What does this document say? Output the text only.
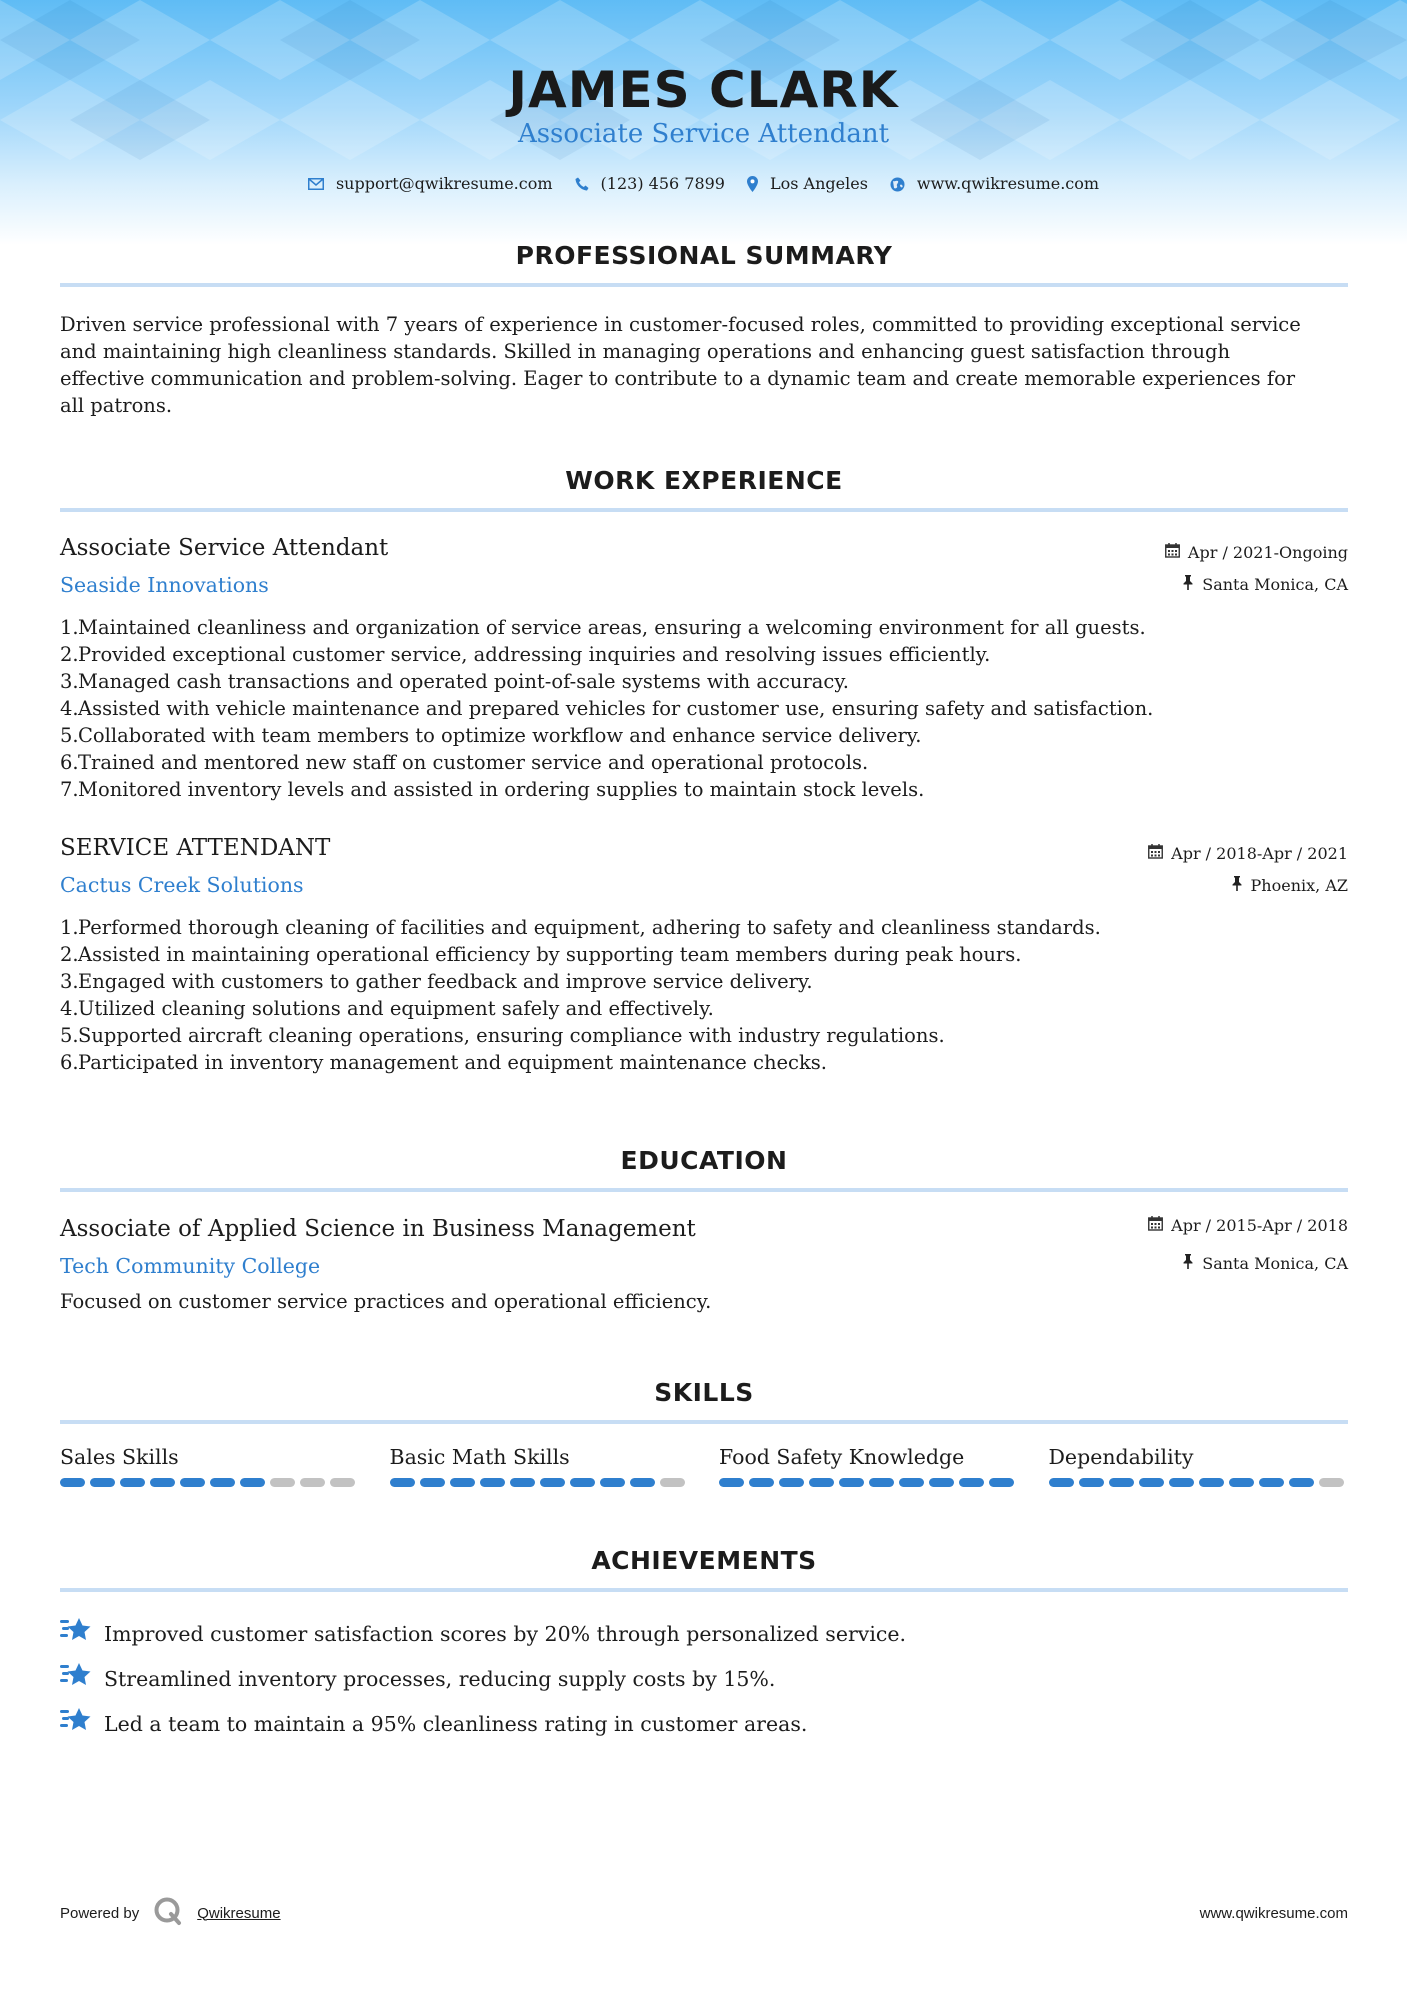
JAMES CLARK
Associate Service Attendant
support@qwikresume.com	(123) 456 7899	Los Angeles	www.qwikresume.com
PROFESSIONAL SUMMARY
Driven service professional with 7 years of experience in customer-focused roles, committed to providing exceptional service
and maintaining high cleanliness standards. Skilled in managing operations and enhancing guest satisfaction through
effective communication and problem-solving. Eager to contribute to a dynamic team and create memorable experiences for
all patrons.
WORK EXPERIENCE
Associate Service Attendant
Seaside Innovations
Apr / 2021-Ongoing
Santa Monica, CA
1. Maintained cleanliness and organization of service areas, ensuring a welcoming environment for all guests.
2. Provided exceptional customer service, addressing inquiries and resolving issues efficiently.
3. Managed cash transactions and operated point-of-sale systems with accuracy.
4. Assisted with vehicle maintenance and prepared vehicles for customer use, ensuring safety and satisfaction.
5. Collaborated with team members to optimize workflow and enhance service delivery.
6. Trained and mentored new staff on customer service and operational protocols.
7. Monitored inventory levels and assisted in ordering supplies to maintain stock levels.
SERVICE ATTENDANT
Cactus Creek Solutions
Apr / 2018-Apr / 2021
Phoenix, AZ
1. Performed thorough cleaning of facilities and equipment, adhering to safety and cleanliness standards.
2. Assisted in maintaining operational efficiency by supporting team members during peak hours.
3. Engaged with customers to gather feedback and improve service delivery.
4. Utilized cleaning solutions and equipment safely and effectively.
5. Supported aircraft cleaning operations, ensuring compliance with industry regulations.
6. Participated in inventory management and equipment maintenance checks.
EDUCATION
Associate of Applied Science in Business Management
Tech Community College
Apr / 2015-Apr / 2018
Santa Monica, CA
Focused on customer service practices and operational efficiency.
SKILLS
Sales Skills	Basic Math Skills	Food Safety Knowledge	Dependability
ACHIEVEMENTS
Improved customer satisfaction scores by 20% through personalized service.
Streamlined inventory processes, reducing supply costs by 15%.
Led a team to maintain a 95% cleanliness rating in customer areas.
Powered by	Qwikresume	www.qwikresume.com
